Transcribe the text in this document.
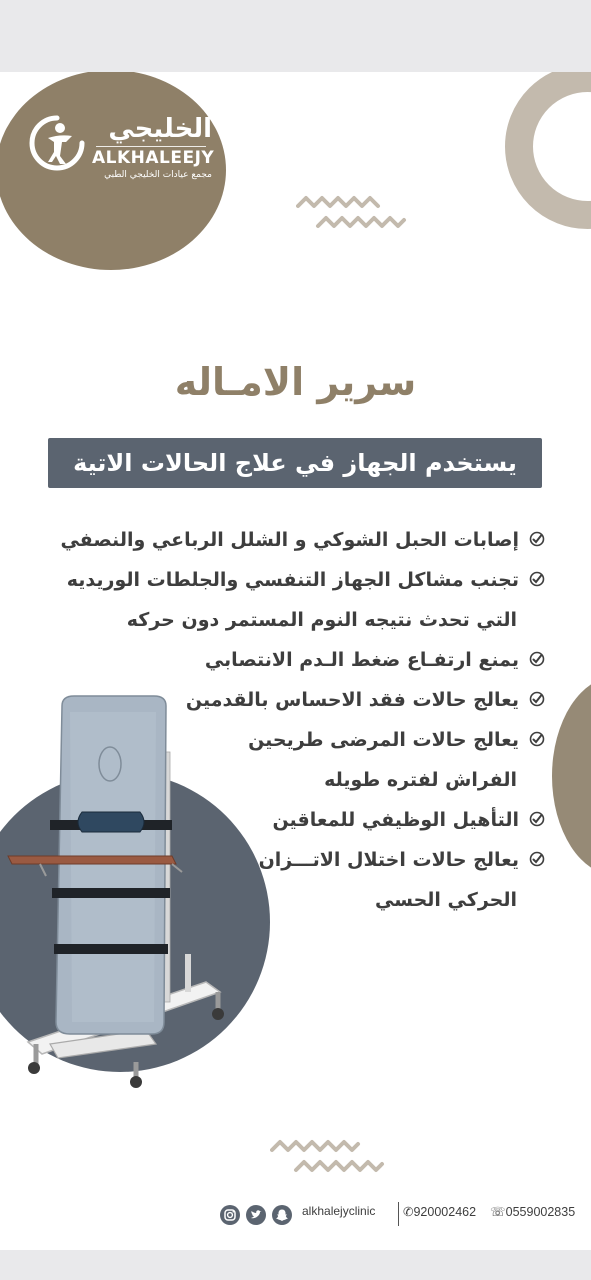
الخليجي
ALKHALEEJY
مجمع عيادات الخليجي الطبي
سرير الامـاله
يستخدم الجهاز في علاج الحالات الاتية
إصابات الحبل الشوكي و الشلل الرباعي والنصفي
تجنب مشاكل الجهاز التنفسي والجلطات الوريديه
التي تحدث نتيجه النوم المستمر دون حركه
يمنع ارتفـاع ضغط الـدم الانتصابي
يعالج حالات فقد الاحساس بالقدمين
يعالج حالات المرضى طريحين
الفراش لفتره طويله
التأهيل الوظيفي للمعاقين
يعالج حالات اختلال الاتـــزان
الحركي الحسي
alkhalejyclinic ✆920002462 ☏0559002835
